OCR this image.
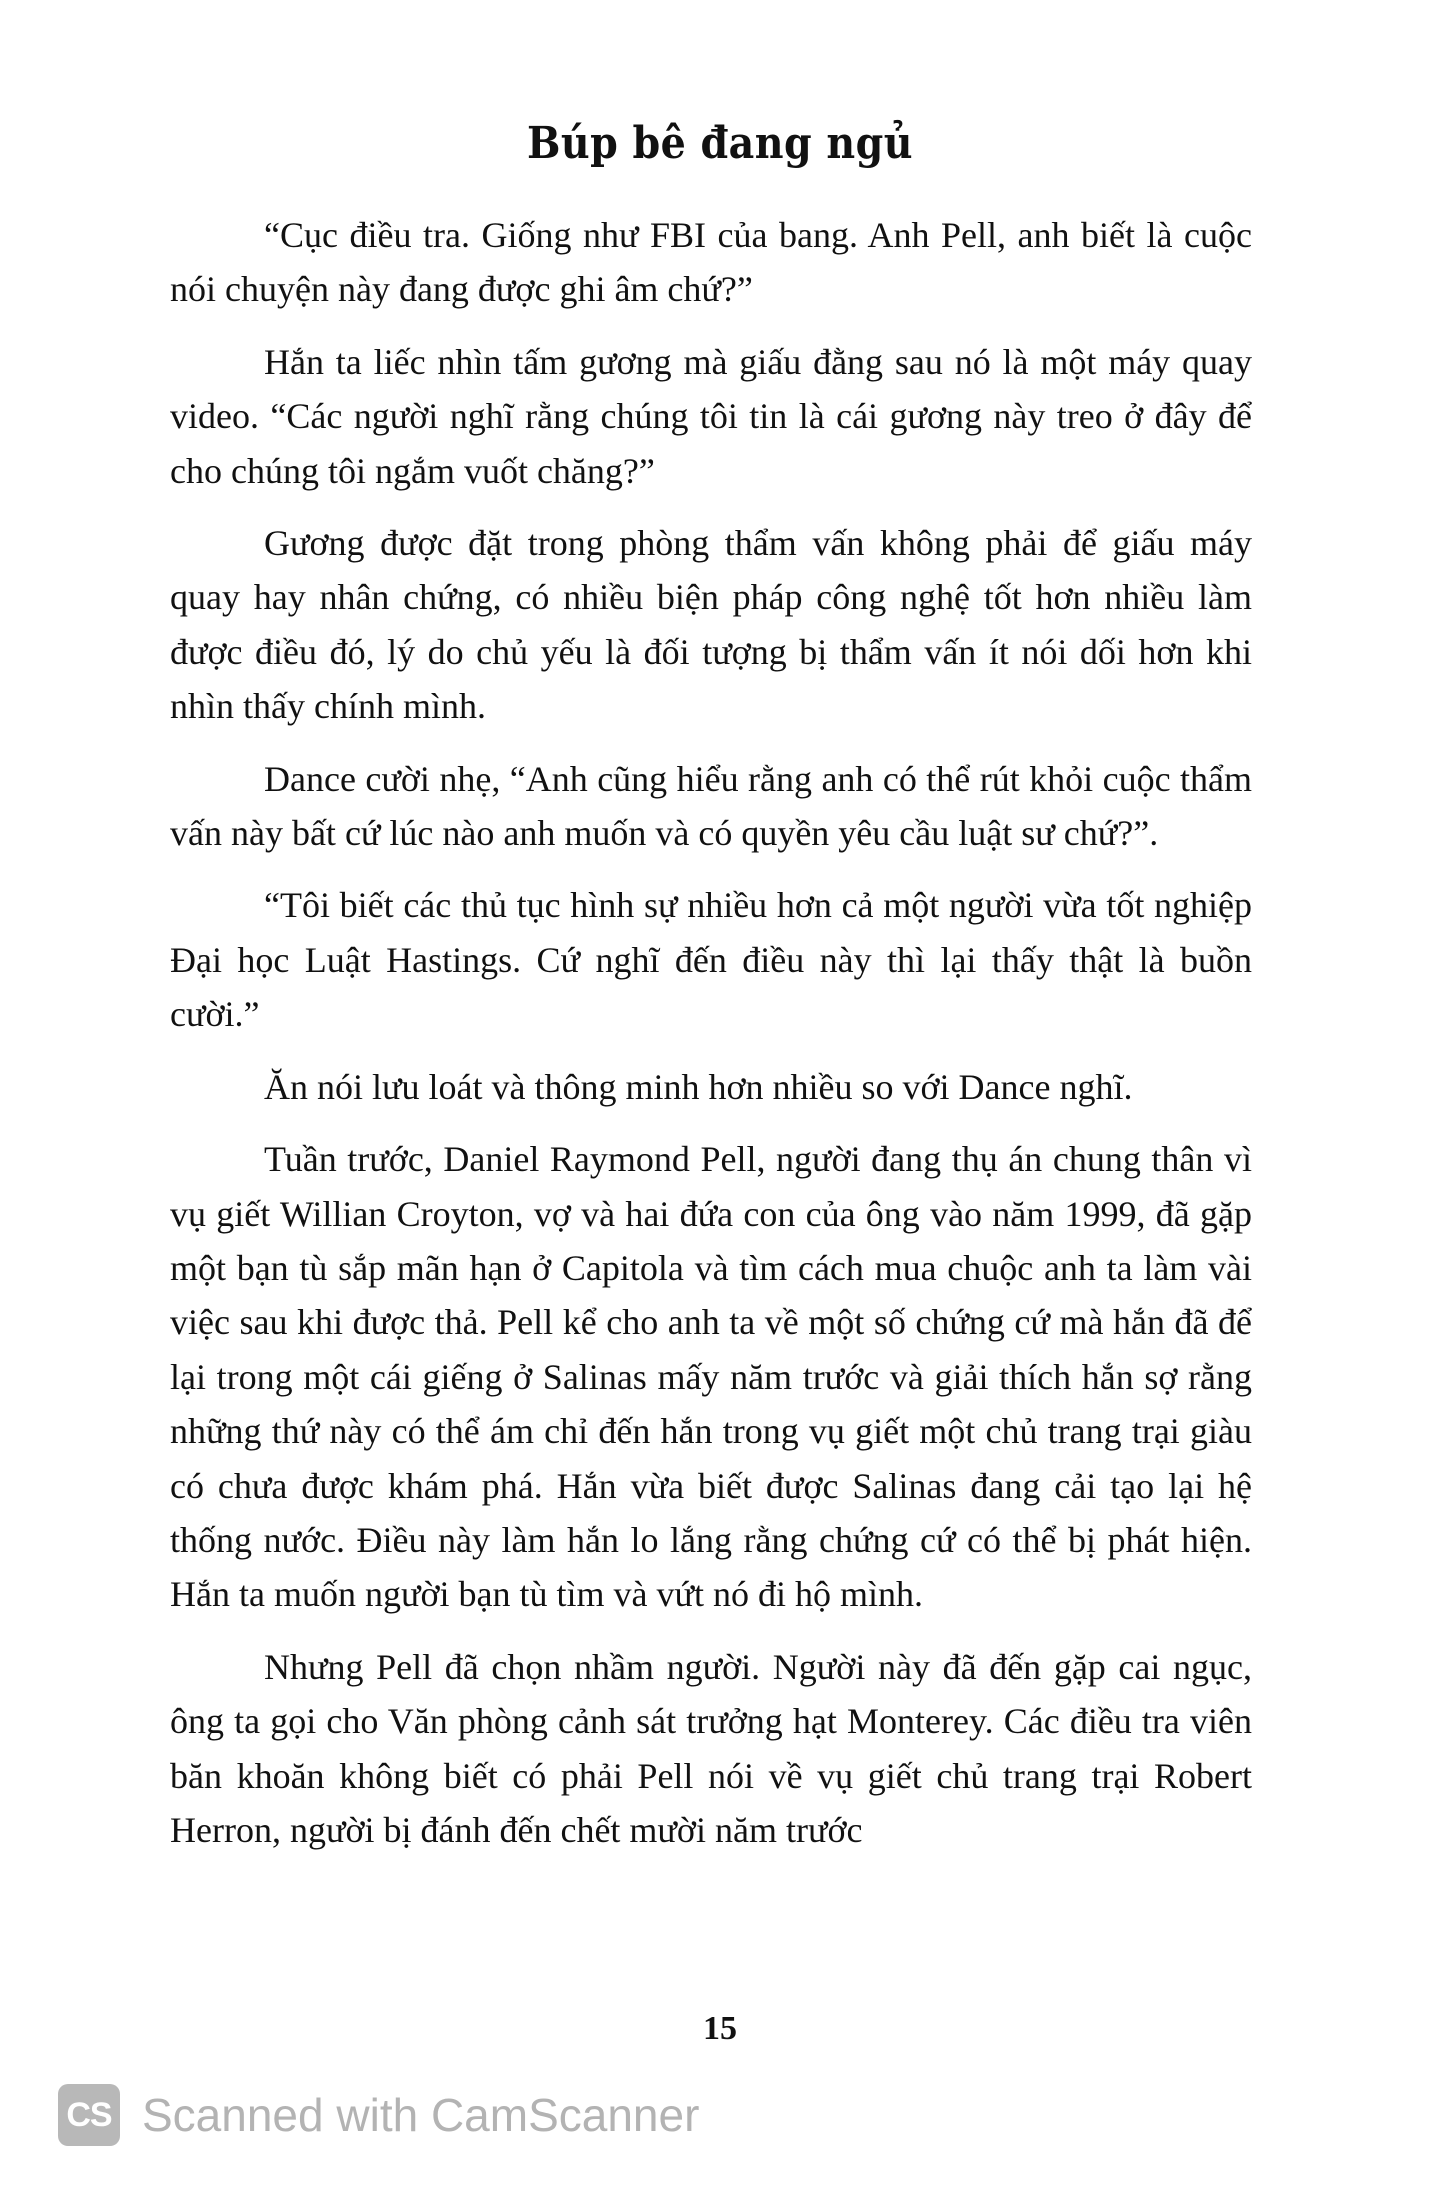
Búp bê đang ngủ

“Cục điều tra. Giống như FBI của bang. Anh Pell, anh biết là cuộc nói chuyện này đang được ghi âm chứ?”

Hắn ta liếc nhìn tấm gương mà giấu đằng sau nó là một máy quay video. “Các người nghĩ rằng chúng tôi tin là cái gương này treo ở đây để cho chúng tôi ngắm vuốt chăng?”

Gương được đặt trong phòng thẩm vấn không phải để giấu máy quay hay nhân chứng, có nhiều biện pháp công nghệ tốt hơn nhiều làm được điều đó, lý do chủ yếu là đối tượng bị thẩm vấn ít nói dối hơn khi nhìn thấy chính mình.

Dance cười nhẹ, “Anh cũng hiểu rằng anh có thể rút khỏi cuộc thẩm vấn này bất cứ lúc nào anh muốn và có quyền yêu cầu luật sư chứ?”.

“Tôi biết các thủ tục hình sự nhiều hơn cả một người vừa tốt nghiệp Đại học Luật Hastings. Cứ nghĩ đến điều này thì lại thấy thật là buồn cười.”

Ăn nói lưu loát và thông minh hơn nhiều so với Dance nghĩ.

Tuần trước, Daniel Raymond Pell, người đang thụ án chung thân vì vụ giết Willian Croyton, vợ và hai đứa con của ông vào năm 1999, đã gặp một bạn tù sắp mãn hạn ở Capitola và tìm cách mua chuộc anh ta làm vài việc sau khi được thả. Pell kể cho anh ta về một số chứng cứ mà hắn đã để lại trong một cái giếng ở Salinas mấy năm trước và giải thích hắn sợ rằng những thứ này có thể ám chỉ đến hắn trong vụ giết một chủ trang trại giàu có chưa được khám phá. Hắn vừa biết được Salinas đang cải tạo lại hệ thống nước. Điều này làm hắn lo lắng rằng chứng cứ có thể bị phát hiện. Hắn ta muốn người bạn tù tìm và vứt nó đi hộ mình.

Nhưng Pell đã chọn nhầm người. Người này đã đến gặp cai ngục, ông ta gọi cho Văn phòng cảnh sát trưởng hạt Monterey. Các điều tra viên băn khoăn không biết có phải Pell nói về vụ giết chủ trang trại Robert Herron, người bị đánh đến chết mười năm trước

15
CS Scanned with CamScanner
